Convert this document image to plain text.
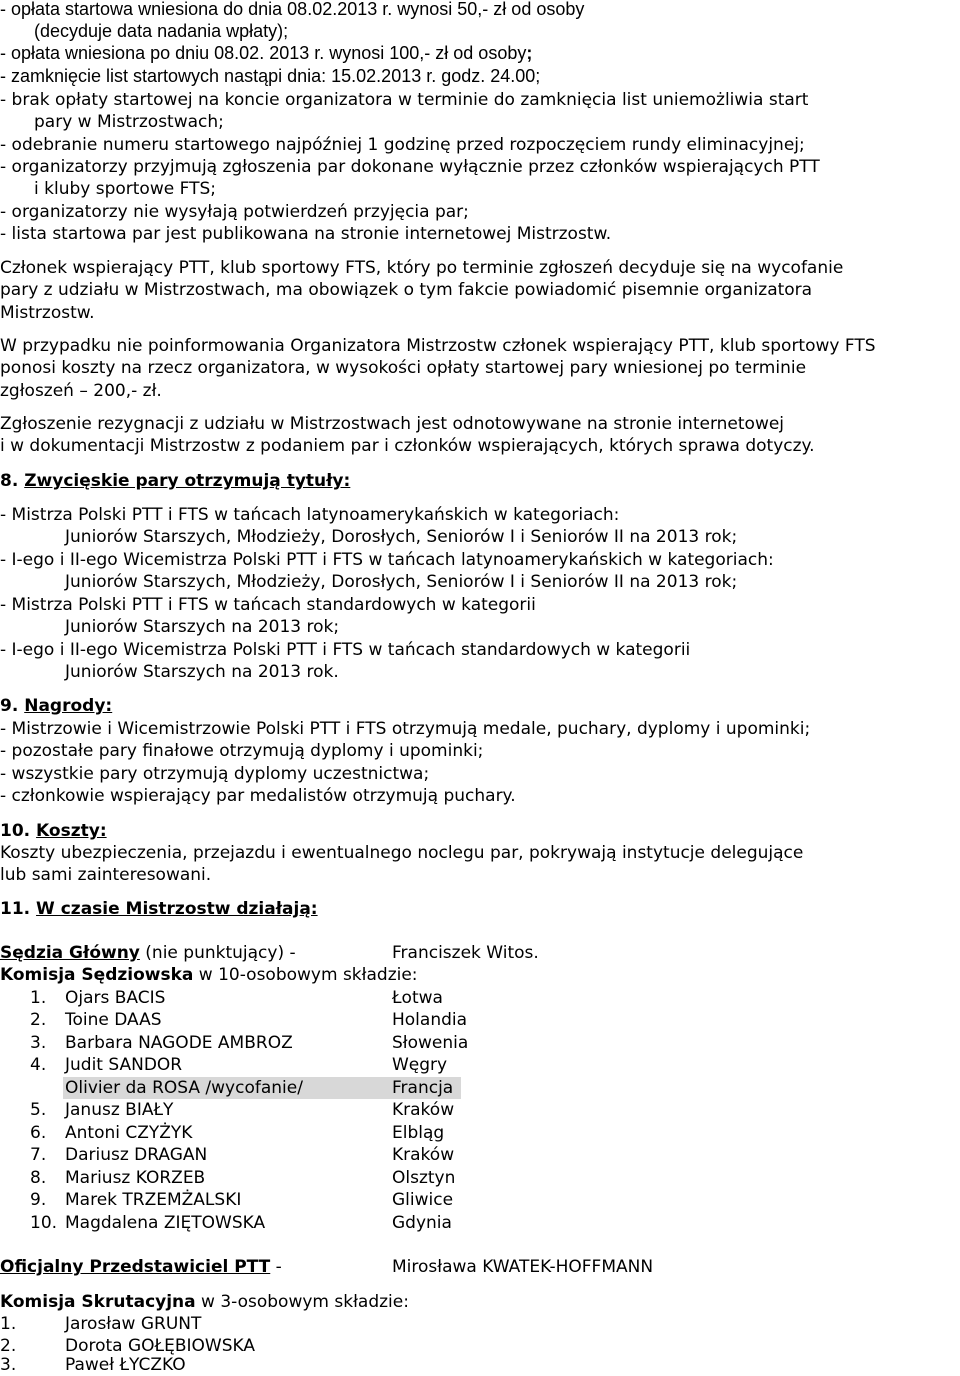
- opłata startowa wniesiona do dnia 08.02.2013 r. wynosi 50,- zł od osoby
(decyduje data nadania wpłaty);
- opłata wniesiona po dniu 08.02. 2013 r. wynosi 100,- zł od osoby;
- zamknięcie list startowych nastąpi dnia: 15.02.2013 r. godz. 24.00;
- brak opłaty startowej na koncie organizatora w terminie do zamknięcia list uniemożliwia start
pary w Mistrzostwach;
- odebranie numeru startowego najpóźniej 1 godzinę przed rozpoczęciem rundy eliminacyjnej;
- organizatorzy przyjmują zgłoszenia par dokonane wyłącznie przez członków wspierających PTT
i kluby sportowe FTS;
- organizatorzy nie wysyłają potwierdzeń przyjęcia par;
- lista startowa par jest publikowana na stronie internetowej Mistrzostw.
Członek wspierający PTT, klub sportowy FTS, który po terminie zgłoszeń decyduje się na wycofanie
pary z udziału w Mistrzostwach, ma obowiązek o tym fakcie powiadomić pisemnie organizatora
Mistrzostw.
W przypadku nie poinformowania Organizatora Mistrzostw członek wspierający PTT, klub sportowy FTS
ponosi koszty na rzecz organizatora, w wysokości opłaty startowej pary wniesionej po terminie
zgłoszeń – 200,- zł.
Zgłoszenie rezygnacji z udziału w Mistrzostwach jest odnotowywane na stronie internetowej
i w dokumentacji Mistrzostw z podaniem par i członków wspierających, których sprawa dotyczy.
8. Zwycięskie pary otrzymują tytuły:
- Mistrza Polski PTT i FTS w tańcach latynoamerykańskich w kategoriach:
Juniorów Starszych, Młodzieży, Dorosłych, Seniorów I i Seniorów II na 2013 rok;
- I-ego i II-ego Wicemistrza Polski PTT i FTS w tańcach latynoamerykańskich w kategoriach:
Juniorów Starszych, Młodzieży, Dorosłych, Seniorów I i Seniorów II na 2013 rok;
- Mistrza Polski PTT i FTS w tańcach standardowych w kategorii
Juniorów Starszych na 2013 rok;
- I-ego i II-ego Wicemistrza Polski PTT i FTS w tańcach standardowych w kategorii
Juniorów Starszych na 2013 rok.
9. Nagrody:
- Mistrzowie i Wicemistrzowie Polski PTT i FTS otrzymują medale, puchary, dyplomy i upominki;
- pozostałe pary finałowe otrzymują dyplomy i upominki;
- wszystkie pary otrzymują dyplomy uczestnictwa;
- członkowie wspierający par medalistów otrzymują puchary.
10. Koszty:
Koszty ubezpieczenia, przejazdu i ewentualnego noclegu par, pokrywają instytucje delegujące
lub sami zainteresowani.
11. W czasie Mistrzostw działają:
Sędzia Główny (nie punktujący) -	Franciszek Witos.
Komisja Sędziowska w 10-osobowym składzie:
1. Ojars BACIS	Łotwa
2. Toine DAAS	Holandia
3. Barbara NAGODE AMBROZ	Słowenia
4. Judit SANDOR	Węgry
Olivier da ROSA /wycofanie/	Francja
5. Janusz BIAŁY	Kraków
6. Antoni CZYŻYK	Elbląg
7. Dariusz DRAGAN	Kraków
8. Mariusz KORZEB	Olsztyn
9. Marek TRZEMŻALSKI	Gliwice
10. Magdalena ZIĘTOWSKA	Gdynia
Oficjalny Przedstawiciel PTT -	Mirosława KWATEK-HOFFMANN
Komisja Skrutacyjna w 3-osobowym składzie:
1.	Jarosław GRUNT
2.	Dorota GOŁĘBIOWSKA
3.	Paweł ŁYCZKO
